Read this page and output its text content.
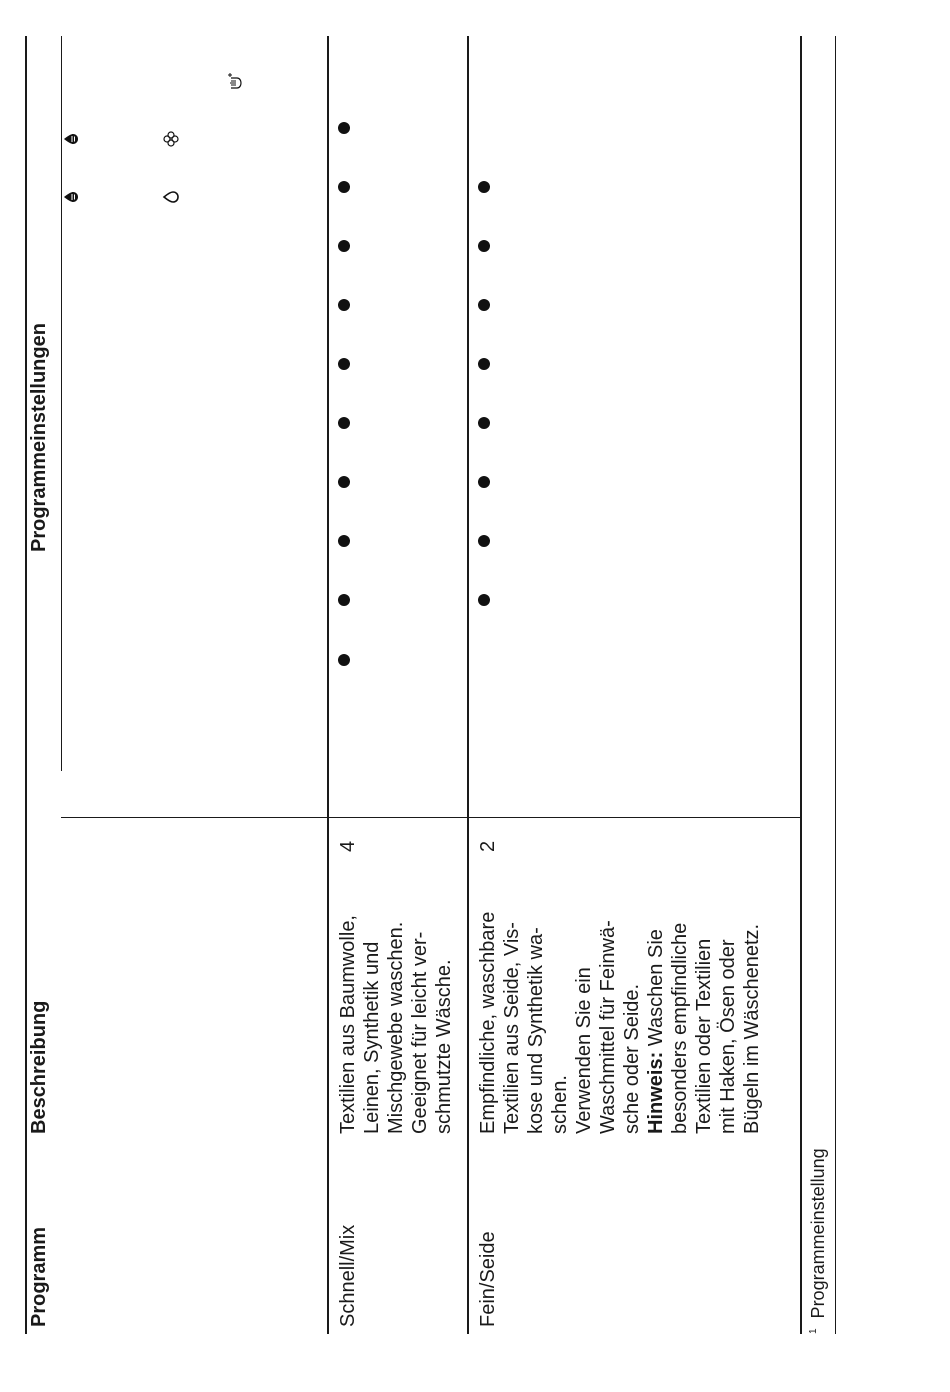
Programm
Beschreibung
Programmeinstellungen
Schnell/Mix
4
Textilien aus Baumwolle, Leinen, Synthetik und Mischgewebe waschen. Geeignet für leicht ver- schmutzte Wäsche.
Fein/Seide
2
Empfindliche, waschbare Textilien aus Seide, Vis- kose und Synthetik wa- schen. Verwenden Sie ein Waschmittel für Feinwä- sche oder Seide. Hinweis: Waschen Sie besonders empfindliche Textilien oder Textilien mit Haken, Ösen oder Bügeln im Wäschenetz.
$^1$Programmeinstellung
